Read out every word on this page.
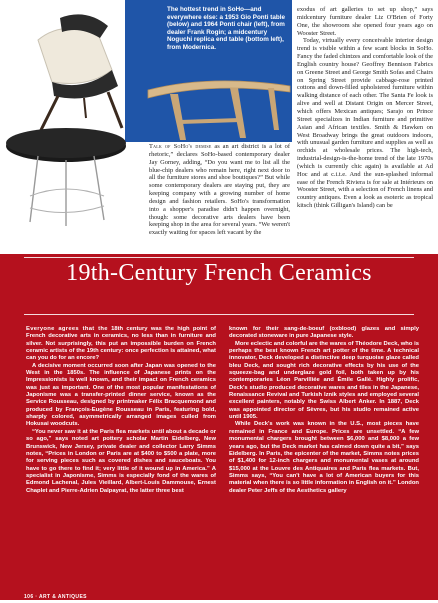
The hottest trend in SoHo—and everywhere else: a 1953 Gio Ponti table (below) and 1964 Ponti chair (left), from dealer Frank Rogin; a midcentury Noguchi replica end table (bottom left), from Modernica.

Talk of SoHo's demise as an art district is a lot of rhetoric,” declares SoHo-based contemporary dealer Jay Gorney, adding, “Do you want me to list all the blue-chip dealers who remain here, right next door to all the furniture stores and shoe boutiques?” But while some contemporary dealers are staying put, they are keeping company with a growing number of home design and fashion retailers. SoHo's transformation into a shopper's paradise didn't happen overnight, though: some decorative arts dealers have been keeping shop in the area for several years. “We weren't exactly waiting for spaces left vacant by the

exodus of art galleries to set up shop,” says midcentury furniture dealer Liz O'Brien of Forty One, the showroom she opened four years ago on Wooster Street.

Today, virtually every conceivable interior design trend is visible within a few scant blocks in SoHo. Fancy the faded chintzes and comfortable look of the English country house? Geoffrey Bennison Fabrics on Greene Street and George Smith Sofas and Chairs on Spring Street provide cabbage-rose printed cottons and down-filled upholstered furniture within walking distance of each other. The Santa Fe look is alive and well at Distant Origin on Mercer Street, which offers Mexican antiques; Sarajo on Prince Street specializes in Indian furniture and primitive Asian and African textiles. Smith & Hawken on West Broadway brings the great outdoors indoors, with unusual garden furniture and supplies as well as orchids at wholesale prices. The high-tech, industrial-design-is-the-home trend of the late 1970s (which is currently chic again) is available at Ad Hoc and at c.i.t.e. And the sun-splashed informal ease of the French Riviera is for sale at Intérieurs on Wooster Street, with a selection of French linens and country antiques. Even a look as esoteric as tropical kitsch (think Gilligan's Island) can be

19th-Century French Ceramics

Everyone agrees that the 18th century was the high point of French decorative arts in ceramics, no less than in furniture and silver. Not surprisingly, this put an impossible burden on French ceramic artists of the 19th century: once perfection is attained, what can you do for an encore?

A decisive moment occurred soon after Japan was opened to the West in the 1850s. The influence of Japanese prints on the Impressionists is well known, and their impact on French ceramics was just as important. One of the most popular manifestations of Japonisme was a transfer-printed dinner service, known as the Service Rousseau, designed by printmaker Félix Bracquemond and produced by François-Eugène Rousseau in Paris, featuring bold, sharply colored, asymmetrically arranged images culled from Hokusai woodcuts.

“You never saw it at the Paris flea markets until about a decade or so ago,” says noted art pottery scholar Martin Eidelberg, New Brunswick, New Jersey, private dealer and collector Larry Simms notes, “Prices in London or Paris are at $400 to $500 a plate, more for serving pieces such as covered dishes and sauceboats. You have to go there to find it; very little of it wound up in America.” A specialist in Japonisme, Simms is especially fond of the wares of Edmond Lachenal, Jules Vieillard, Albert-Louis Dammouse, Ernest Chaplet and Pierre-Adrien Dalpayrat, the latter three best

known for their sang-de-boeuf (oxblood) glazes and simply decorated stoneware in pure Japanese style.

More eclectic and colorful are the wares of Théodore Deck, who is perhaps the best known French art potter of the time. A technical innovator, Deck developed a distinctive deep turquoise glaze called bleu Deck, and sought rich decorative effects by his use of the squeeze-bag and underglaze gold foil, both taken up by his contemporaries Léon Parvilliée and Émile Gallé. Highly prolific, Deck's studio produced decorative wares and tiles in the Japanese, Renaissance Revival and Turkish Iznik styles and employed several excellent painters, notably the Swiss Albert Anker. In 1887, Deck was appointed director of Sèvres, but his studio remained active until 1905.

While Deck's work was known in the U.S., most pieces have remained in France and Europe. Prices are unsettled. “A few monumental chargers brought between $6,000 and $8,000 a few years ago, but the Deck market has calmed down quite a bit,” says Eidelberg. In Paris, the epicenter of the market, Simms notes prices of $1,400 for 12-inch chargers and monumental vases at around $15,000 at the Louvre des Antiquaires and Paris flea markets. But, Simms says, “You can't have a lot of American buyers for this material when there is so little information in English on it.” London dealer Peter Jeffs of the Aesthetics gallery

106 · ART & ANTIQUES
